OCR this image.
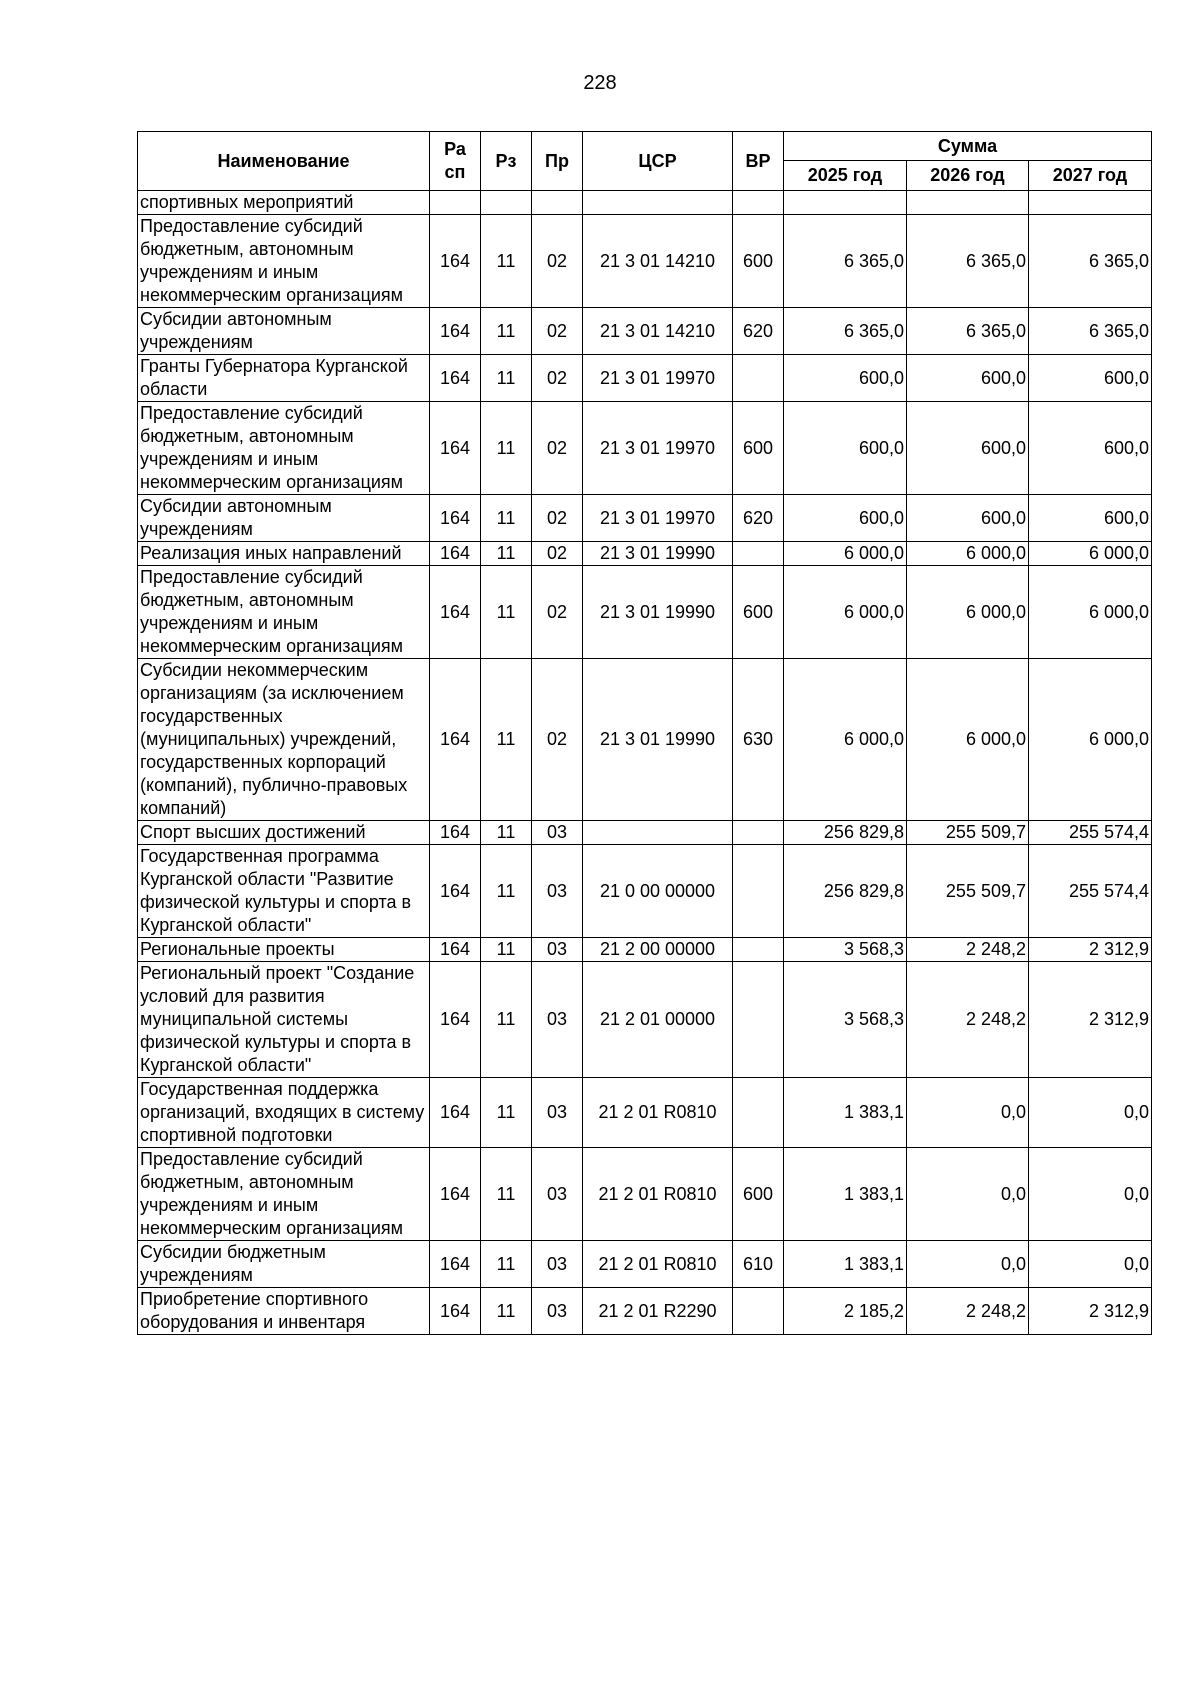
228
Наименование	Ра сп	Рз	Пр	ЦСР	ВР	Сумма		
						2025 год	2026 год	2027 год
спортивных мероприятий								
Предоставление субсидий бюджетным, автономным учреждениям и иным некоммерческим организациям	164	11	02	21 3 01 14210	600	6 365,0	6 365,0	6 365,0
Субсидии автономным учреждениям	164	11	02	21 3 01 14210	620	6 365,0	6 365,0	6 365,0
Гранты Губернатора Курганской области	164	11	02	21 3 01 19970		600,0	600,0	600,0
Предоставление субсидий бюджетным, автономным учреждениям и иным некоммерческим организациям	164	11	02	21 3 01 19970	600	600,0	600,0	600,0
Субсидии автономным учреждениям	164	11	02	21 3 01 19970	620	600,0	600,0	600,0
Реализация иных направлений	164	11	02	21 3 01 19990		6 000,0	6 000,0	6 000,0
Предоставление субсидий бюджетным, автономным учреждениям и иным некоммерческим организациям	164	11	02	21 3 01 19990	600	6 000,0	6 000,0	6 000,0
Субсидии некоммерческим организациям (за исключением государственных (муниципальных) учреждений, государственных корпораций (компаний), публично-правовых компаний)	164	11	02	21 3 01 19990	630	6 000,0	6 000,0	6 000,0
Спорт высших достижений	164	11	03			256 829,8	255 509,7	255 574,4
Государственная программа Курганской области "Развитие физической культуры и спорта в Курганской области"	164	11	03	21 0 00 00000		256 829,8	255 509,7	255 574,4
Региональные проекты	164	11	03	21 2 00 00000		3 568,3	2 248,2	2 312,9
Региональный проект "Создание условий для развития муниципальной системы физической культуры и спорта в Курганской области"	164	11	03	21 2 01 00000		3 568,3	2 248,2	2 312,9
Государственная поддержка организаций, входящих в систему спортивной подготовки	164	11	03	21 2 01 R0810		1 383,1	0,0	0,0
Предоставление субсидий бюджетным, автономным учреждениям и иным некоммерческим организациям	164	11	03	21 2 01 R0810	600	1 383,1	0,0	0,0
Субсидии бюджетным учреждениям	164	11	03	21 2 01 R0810	610	1 383,1	0,0	0,0
Приобретение спортивного оборудования и инвентаря	164	11	03	21 2 01 R2290		2 185,2	2 248,2	2 312,9
